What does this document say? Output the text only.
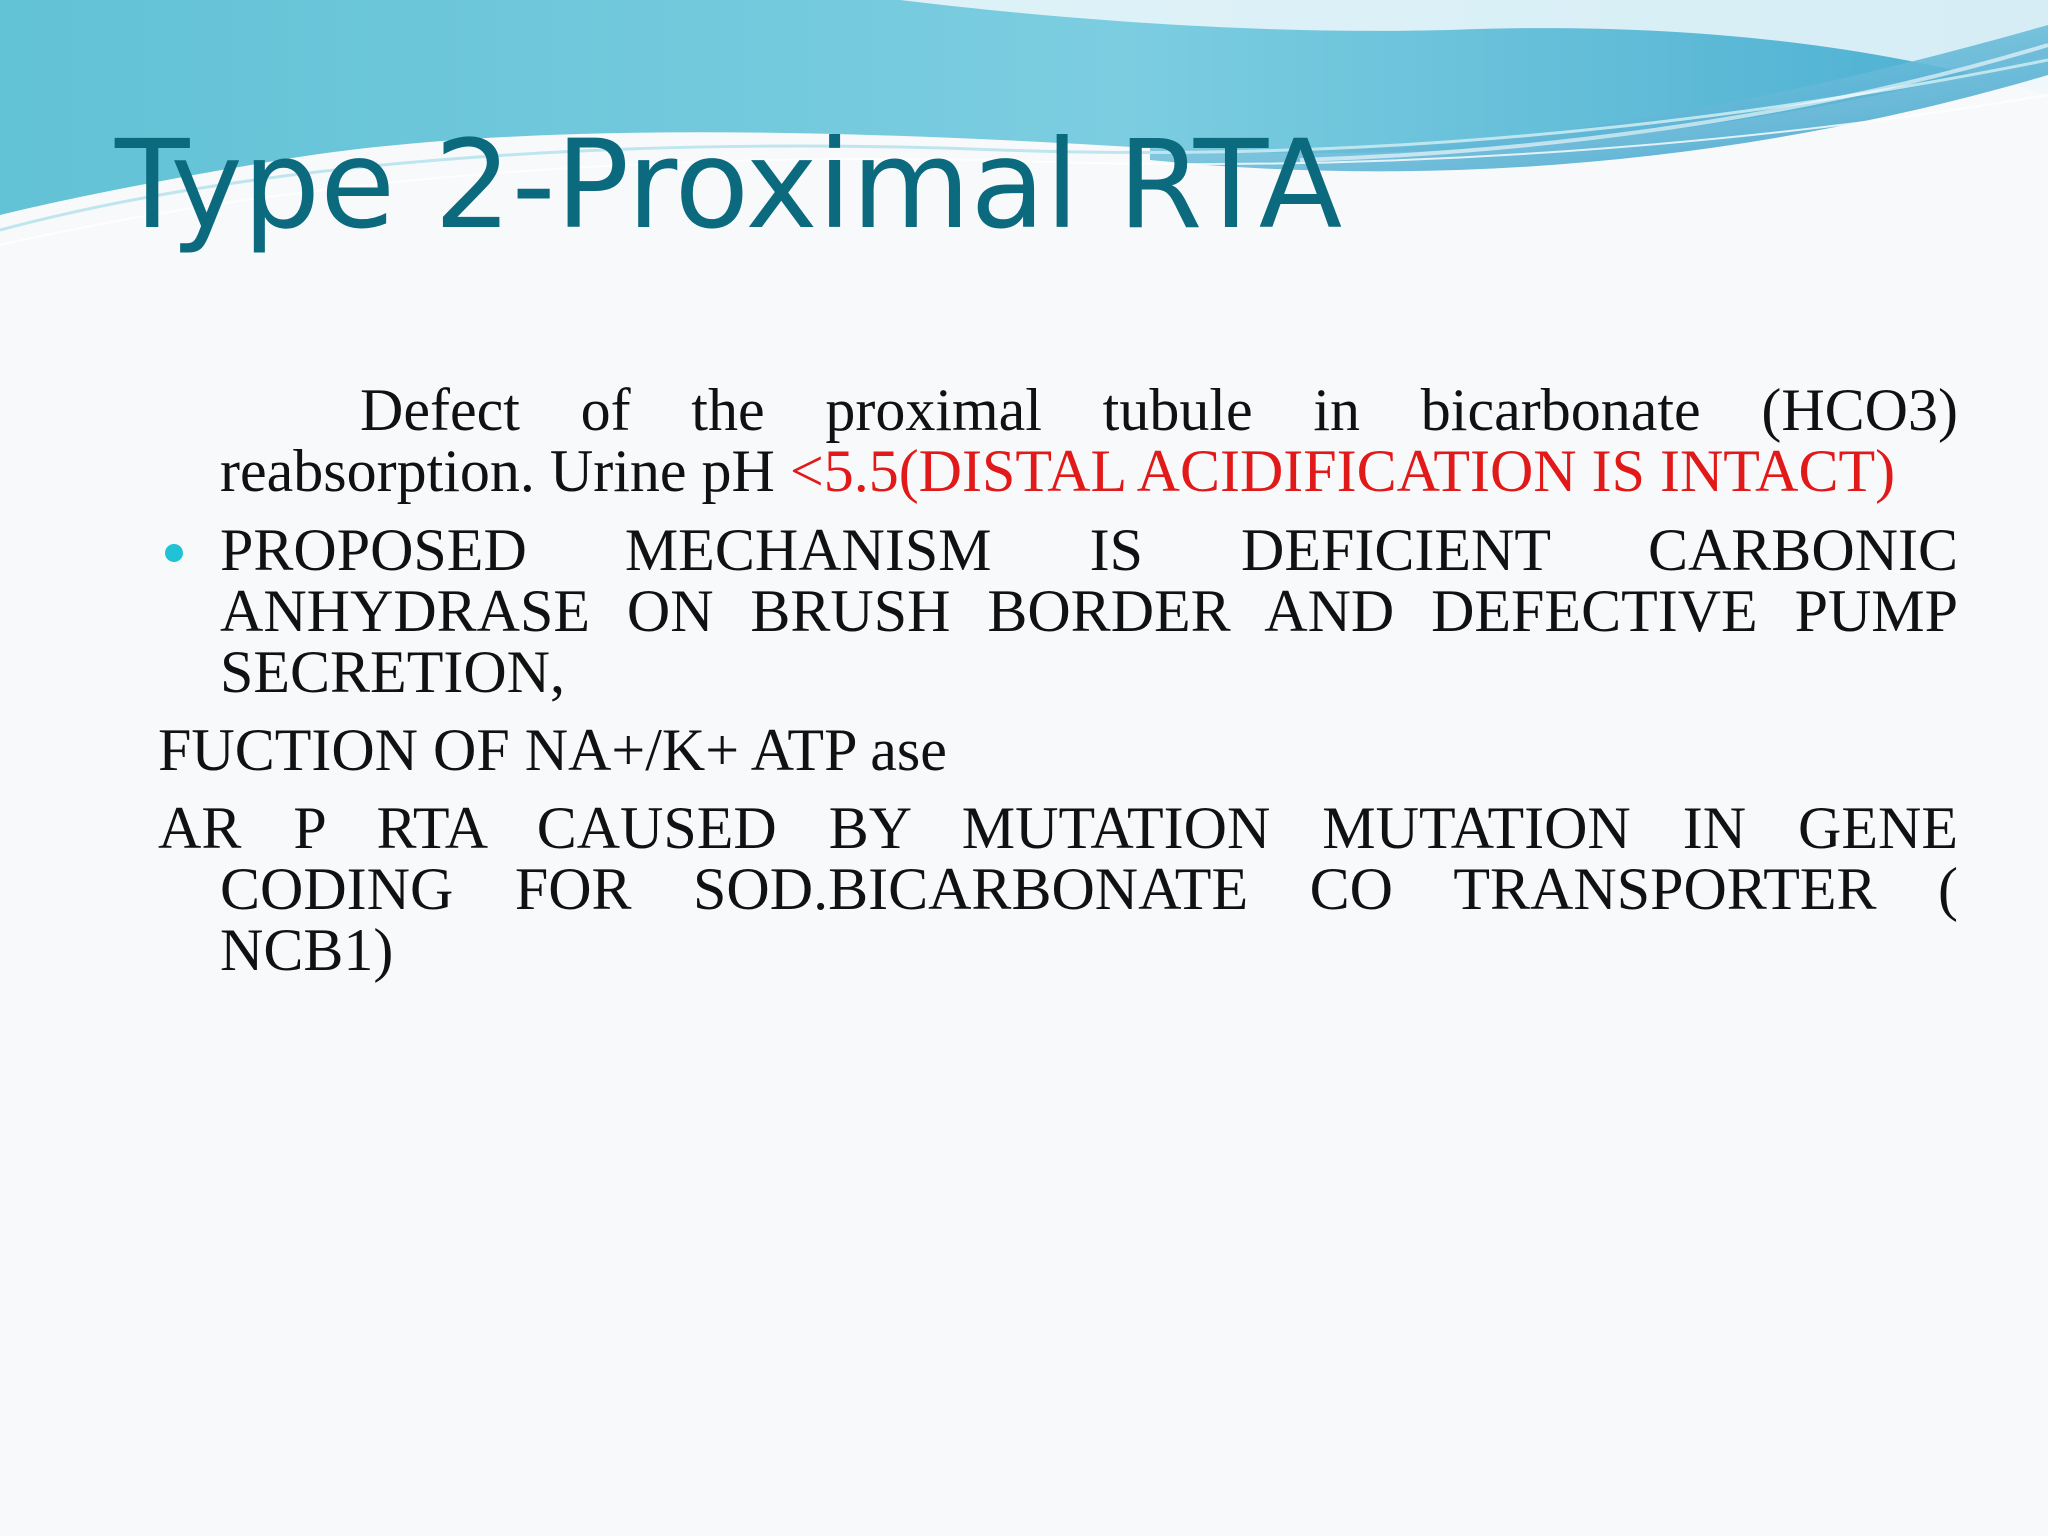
Type 2-Proximal RTA

Defect of the proximal tubule in bicarbonate (HCO3) reabsorption. Urine pH <5.5(DISTAL ACIDIFICATION IS INTACT)

PROPOSED MECHANISM IS DEFICIENT CARBONIC ANHYDRASE ON BRUSH BORDER AND DEFECTIVE PUMP SECRETION,

FUCTION OF NA+/K+ ATP ase

AR P RTA CAUSED BY MUTATION MUTATION IN GENE CODING FOR SOD.BICARBONATE CO TRANSPORTER ( NCB1)
